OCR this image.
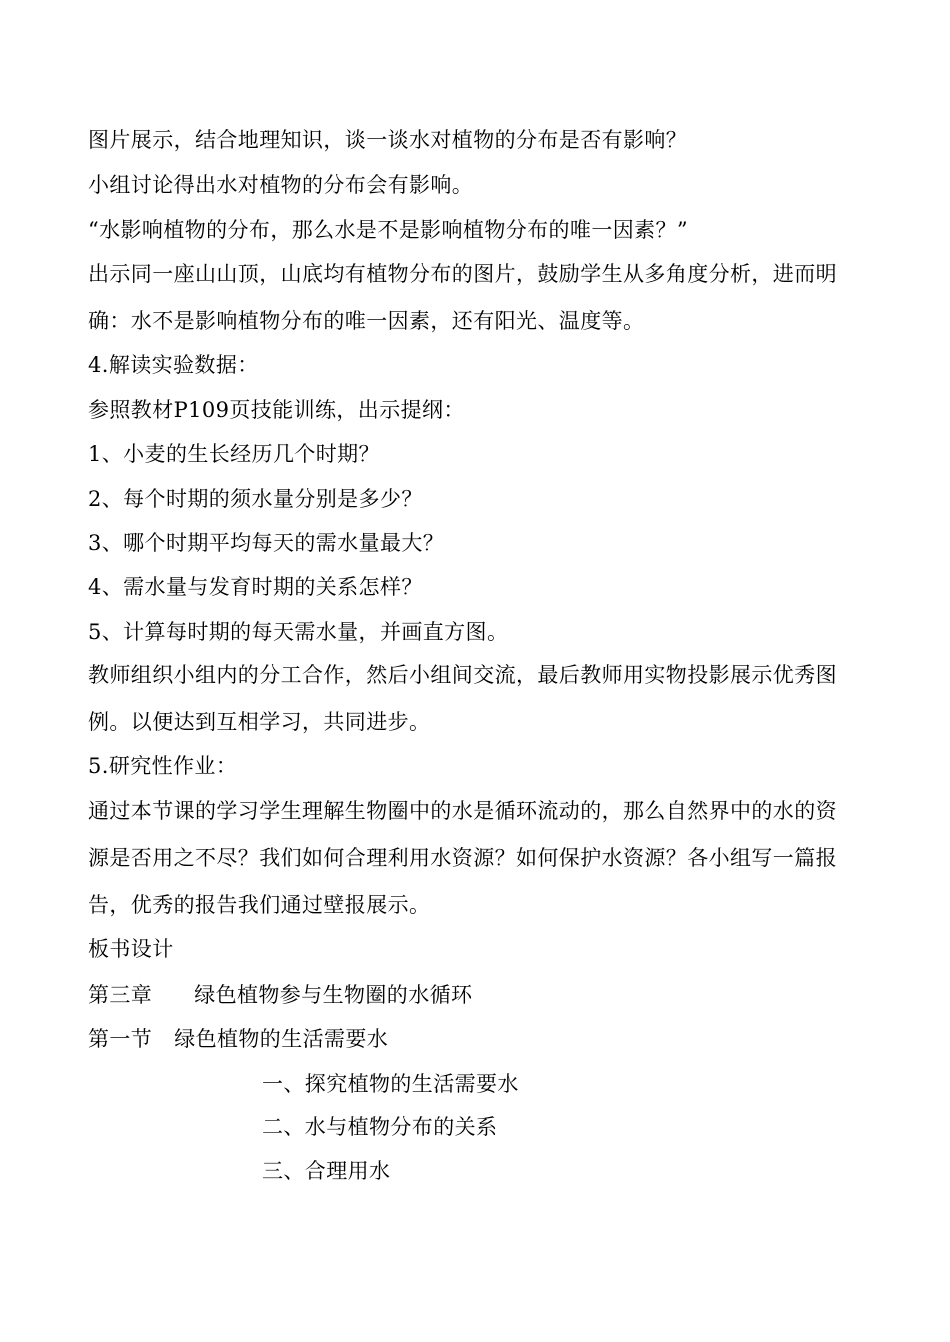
图片展示，结合地理知识，谈一谈水对植物的分布是否有影响？
小组讨论得出水对植物的分布会有影响。
“水影响植物的分布，那么水是不是影响植物分布的唯一因素？”
出示同一座山山顶，山底均有植物分布的图片，鼓励学生从多角度分析，进而明
确：水不是影响植物分布的唯一因素，还有阳光、温度等。
4.解读实验数据：
参照教材P109页技能训练，出示提纲：
1、小麦的生长经历几个时期？
2、每个时期的须水量分别是多少？
3、哪个时期平均每天的需水量最大？
4、需水量与发育时期的关系怎样？
5、计算每时期的每天需水量，并画直方图。
教师组织小组内的分工合作，然后小组间交流，最后教师用实物投影展示优秀图
例。以便达到互相学习，共同进步。
5.研究性作业：
通过本节课的学习学生理解生物圈中的水是循环流动的，那么自然界中的水的资
源是否用之不尽？我们如何合理利用水资源？如何保护水资源？各小组写一篇报
告，优秀的报告我们通过壁报展示。
板书设计
第三章 绿色植物参与生物圈的水循环
第一节 绿色植物的生活需要水
一、探究植物的生活需要水
二、水与植物分布的关系
三、合理用水
